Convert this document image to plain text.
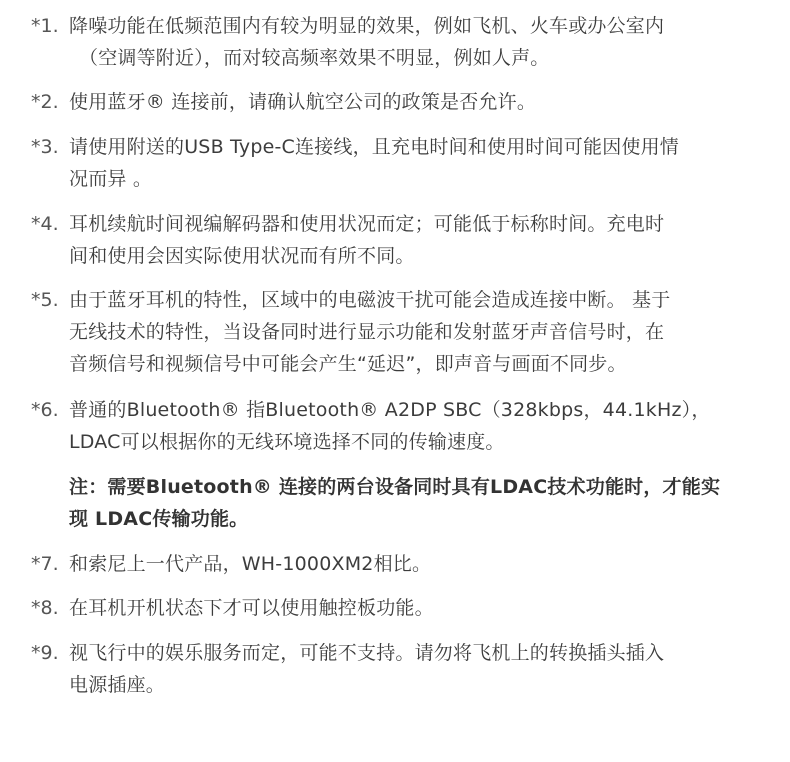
*1. 降噪功能在低频范围内有较为明显的效果，例如飞机、火车或办公室内
（空调等附近），而对较高频率效果不明显，例如人声。
*2. 使用蓝牙® 连接前，请确认航空公司的政策是否允许。
*3. 请使用附送的USB Type-C连接线，且充电时间和使用时间可能因使用情
况而异 。
*4. 耳机续航时间视编解码器和使用状况而定；可能低于标称时间。充电时
间和使用会因实际使用状况而有所不同。
*5. 由于蓝牙耳机的特性，区域中的电磁波干扰可能会造成连接中断。 基于
无线技术的特性，当设备同时进行显示功能和发射蓝牙声音信号时，在
音频信号和视频信号中可能会产生“延迟”，即声音与画面不同步。
*6. 普通的Bluetooth® 指Bluetooth® A2DP SBC（328kbps，44.1kHz），
LDAC可以根据你的无线环境选择不同的传输速度。
注：需要Bluetooth® 连接的两台设备同时具有LDAC技术功能时，才能实
现 LDAC传输功能。
*7. 和索尼上一代产品，WH-1000XM2相比。
*8. 在耳机开机状态下才可以使用触控板功能。
*9. 视飞行中的娱乐服务而定，可能不支持。请勿将飞机上的转换插头插入
电源插座。
